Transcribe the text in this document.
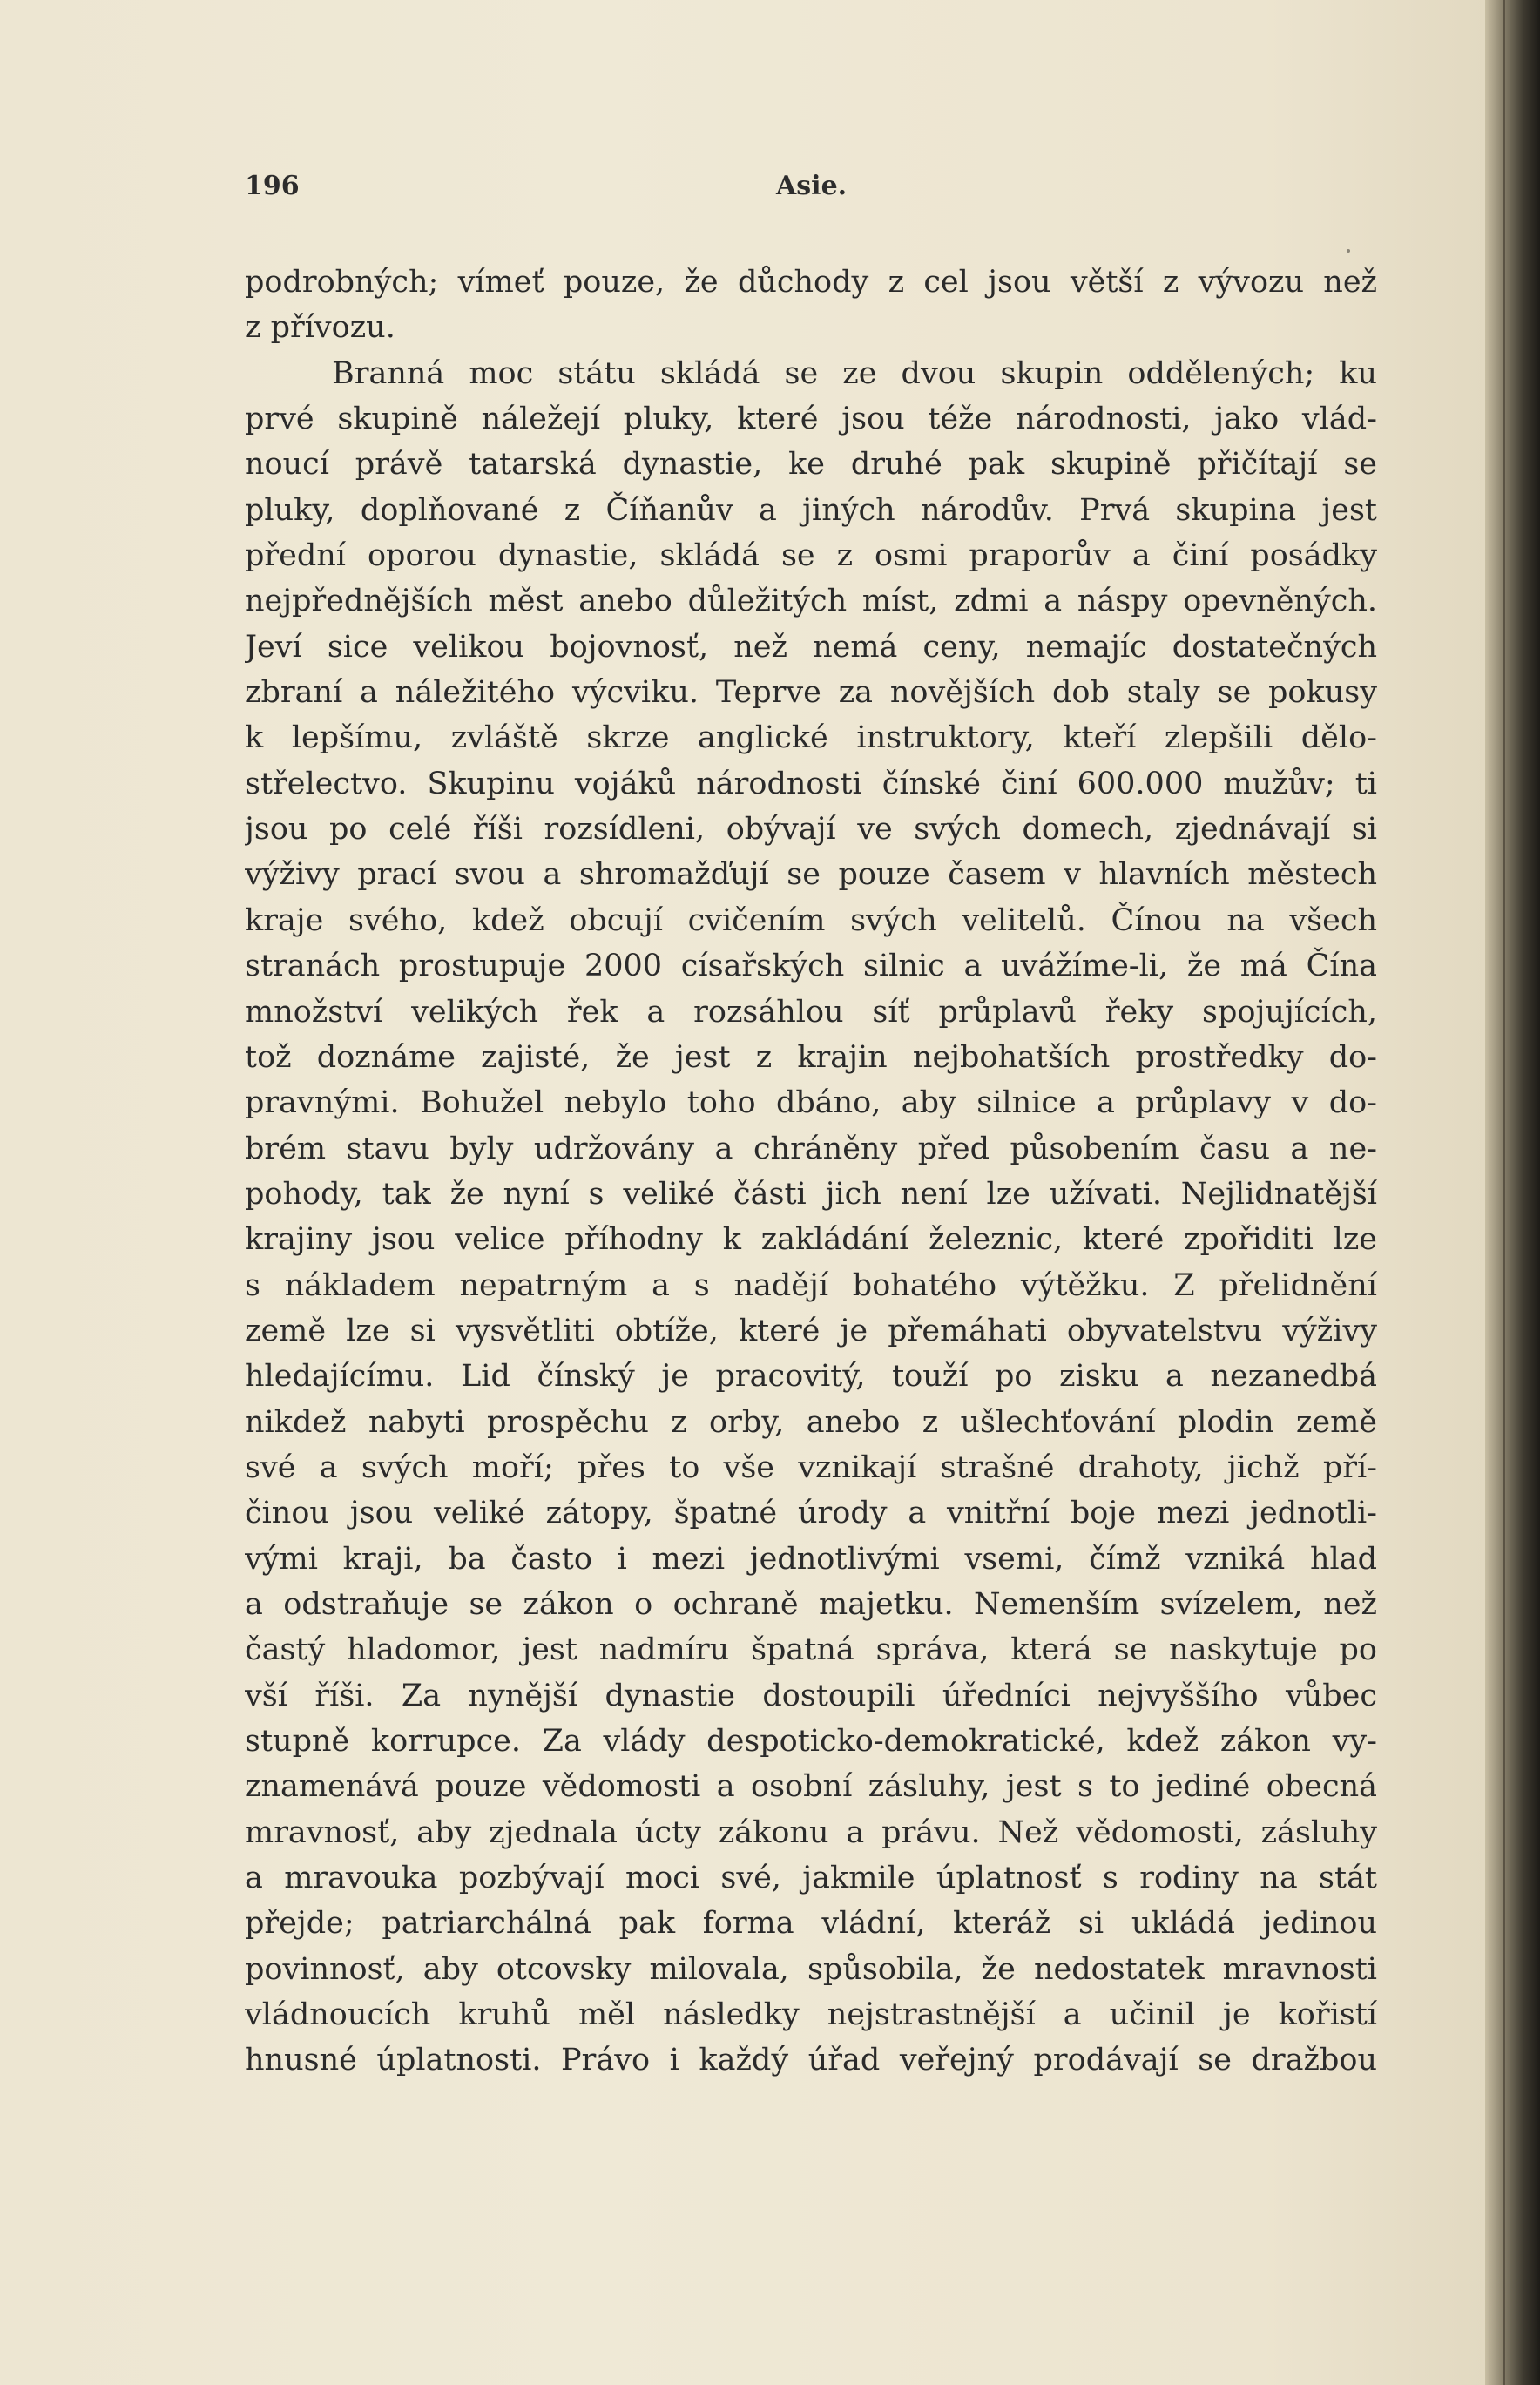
196	Asie.
podrobných; vímeť pouze, že důchody z cel jsou větší z vývozu než
z přívozu.
Branná moc státu skládá se ze dvou skupin oddělených; ku
prvé skupině náležejí pluky, které jsou téže národnosti, jako vlád-
noucí právě tatarská dynastie, ke druhé pak skupině přičítají se
pluky, doplňované z Číňanův a jiných národův. Prvá skupina jest
přední oporou dynastie, skládá se z osmi praporův a činí posádky
nejpřednějších měst anebo důležitých míst, zdmi a náspy opevněných.
Jeví sice velikou bojovnosť, než nemá ceny, nemajíc dostatečných
zbraní a náležitého výcviku. Teprve za novějších dob staly se pokusy
k lepšímu, zvláště skrze anglické instruktory, kteří zlepšili dělo-
střelectvo. Skupinu vojáků národnosti čínské činí 600.000 mužův; ti
jsou po celé říši rozsídleni, obývají ve svých domech, zjednávají si
výživy prací svou a shromažďují se pouze časem v hlavních městech
kraje svého, kdež obcují cvičením svých velitelů. Čínou na všech
stranách prostupuje 2000 císařských silnic a uvážíme-li, že má Čína
množství velikých řek a rozsáhlou síť průplavů řeky spojujících,
tož doznáme zajisté, že jest z krajin nejbohatších prostředky do-
pravnými. Bohužel nebylo toho dbáno, aby silnice a průplavy v do-
brém stavu byly udržovány a chráněny před působením času a ne-
pohody, tak že nyní s veliké části jich není lze užívati. Nejlidnatější
krajiny jsou velice příhodny k zakládání železnic, které zpořiditi lze
s nákladem nepatrným a s nadějí bohatého výtěžku. Z přelidnění
země lze si vysvětliti obtíže, které je přemáhati obyvatelstvu výživy
hledajícímu. Lid čínský je pracovitý, touží po zisku a nezanedbá
nikdež nabyti prospěchu z orby, anebo z ušlechťování plodin země
své a svých moří; přes to vše vznikají strašné drahoty, jichž pří-
činou jsou veliké zátopy, špatné úrody a vnitřní boje mezi jednotli-
vými kraji, ba často i mezi jednotlivými vsemi, čímž vzniká hlad
a odstraňuje se zákon o ochraně majetku. Nemenším svízelem, než
častý hladomor, jest nadmíru špatná správa, která se naskytuje po
vší říši. Za nynější dynastie dostoupili úředníci nejvyššího vůbec
stupně korrupce. Za vlády despoticko-demokratické, kdež zákon vy-
znamenává pouze vědomosti a osobní zásluhy, jest s to jediné obecná
mravnosť, aby zjednala úcty zákonu a právu. Než vědomosti, zásluhy
a mravouka pozbývají moci své, jakmile úplatnosť s rodiny na stát
přejde; patriarchálná pak forma vládní, kteráž si ukládá jedinou
povinnosť, aby otcovsky milovala, spůsobila, že nedostatek mravnosti
vládnoucích kruhů měl následky nejstrastnější a učinil je kořistí
hnusné úplatnosti. Právo i každý úřad veřejný prodávají se dražbou
